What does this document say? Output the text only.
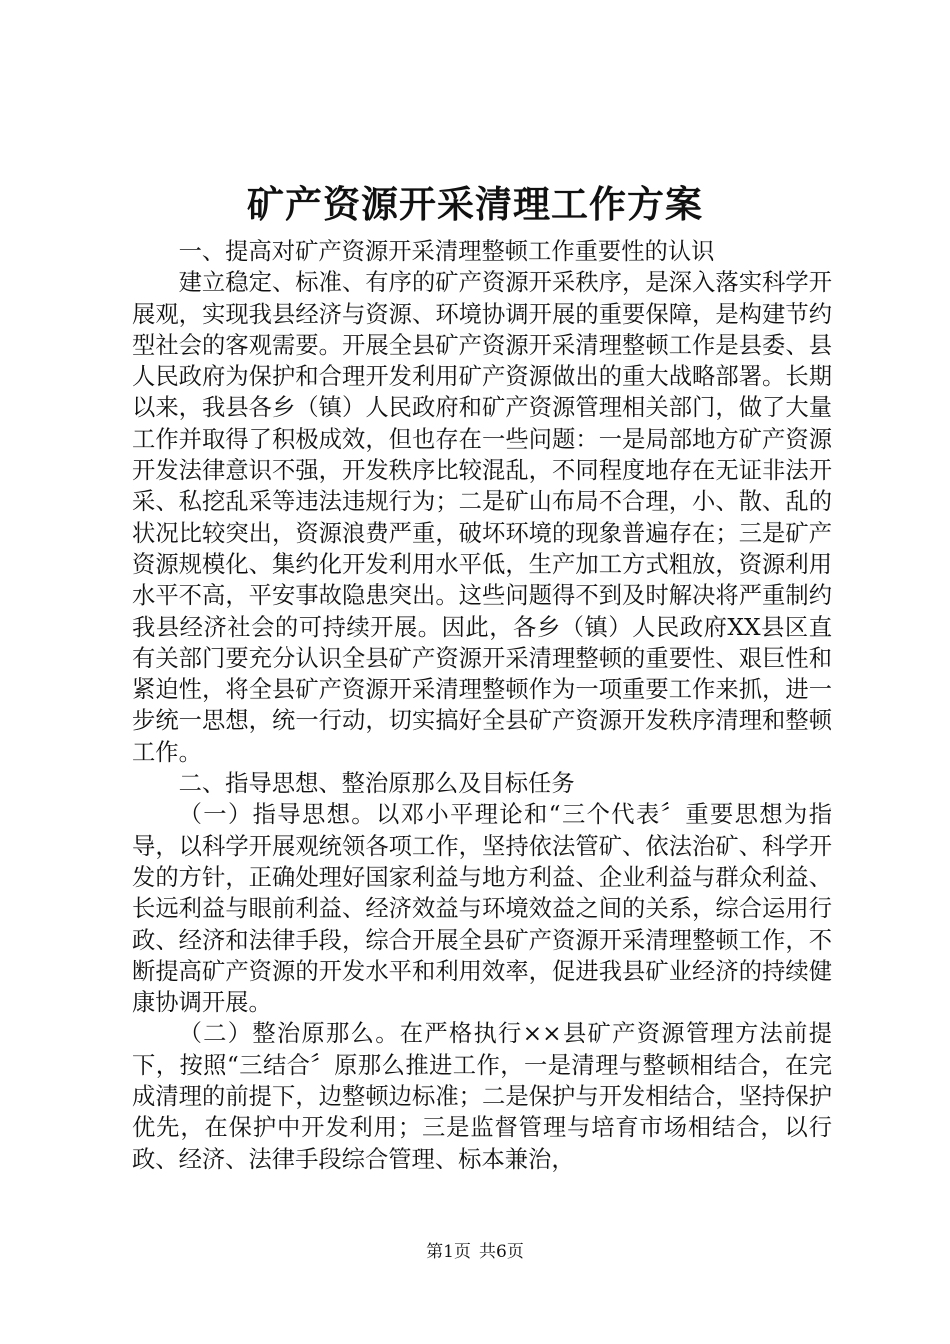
矿产资源开采清理工作方案

一、提高对矿产资源开采清理整顿工作重要性的认识

建立稳定、标准、有序的矿产资源开采秩序，是深入落实科学开展观，实现我县经济与资源、环境协调开展的重要保障，是构建节约型社会的客观需要。开展全县矿产资源开采清理整顿工作是县委、县人民政府为保护和合理开发利用矿产资源做出的重大战略部署。长期以来，我县各乡（镇）人民政府和矿产资源管理相关部门，做了大量工作并取得了积极成效，但也存在一些问题：一是局部地方矿产资源开发法律意识不强，开发秩序比较混乱，不同程度地存在无证非法开采、私挖乱采等违法违规行为；二是矿山布局不合理，小、散、乱的状况比较突出，资源浪费严重，破坏环境的现象普遍存在；三是矿产资源规模化、集约化开发利用水平低，生产加工方式粗放，资源利用水平不高，平安事故隐患突出。这些问题得不到及时解决将严重制约我县经济社会的可持续开展。因此，各乡（镇）人民政府XX县区直有关部门要充分认识全县矿产资源开采清理整顿的重要性、艰巨性和紧迫性，将全县矿产资源开采清理整顿作为一项重要工作来抓，进一步统一思想，统一行动，切实搞好全县矿产资源开发秩序清理和整顿工作。

二、指导思想、整治原那么及目标任务

（一）指导思想。以邓小平理论和“三个代表〞重要思想为指导，以科学开展观统领各项工作，坚持依法管矿、依法治矿、科学开发的方针，正确处理好国家利益与地方利益、企业利益与群众利益、长远利益与眼前利益、经济效益与环境效益之间的关系，综合运用行政、经济和法律手段，综合开展全县矿产资源开采清理整顿工作，不断提高矿产资源的开发水平和利用效率，促进我县矿业经济的持续健康协调开展。

（二）整治原那么。在严格执行××县矿产资源管理方法前提下，按照“三结合〞原那么推进工作，一是清理与整顿相结合，在完成清理的前提下，边整顿边标准；二是保护与开发相结合，坚持保护优先，在保护中开发利用；三是监督管理与培育市场相结合，以行政、经济、法律手段综合管理、标本兼治，

第1页 共6页
